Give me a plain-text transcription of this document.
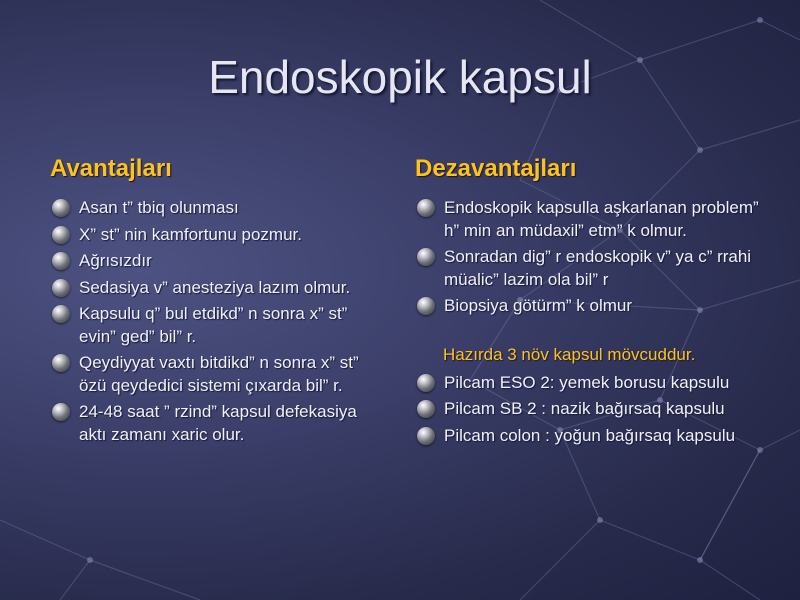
Endoskopik kapsul
Avantajları
Asan t” tbiq olunması
X” st” nin kamfortunu pozmur.
Ağrısızdır
Sedasiya v” anesteziya lazım olmur.
Kapsulu q” bul etdikd” n sonra x” st” evin” ged” bil” r.
Qeydiyyat vaxtı bitdikd” n sonra x” st” özü qeydedici sistemi çıxarda bil” r.
24-48 saat ” rzind” kapsul defekasiya aktı zamanı xaric olur.
Dezavantajları
Endoskopik kapsulla aşkarlanan problem” h” min an müdaxil” etm” k olmur.
Sonradan dig” r endoskopik v” ya c” rrahi müalic” lazim ola bil” r
Biopsiya götürm” k olmur
Hazırda 3 növ kapsul mövcuddur.
Pilcam ESO 2: yemek borusu kapsulu
Pilcam SB 2 : nazik bağırsaq kapsulu
Pilcam colon : yoğun bağırsaq kapsulu
